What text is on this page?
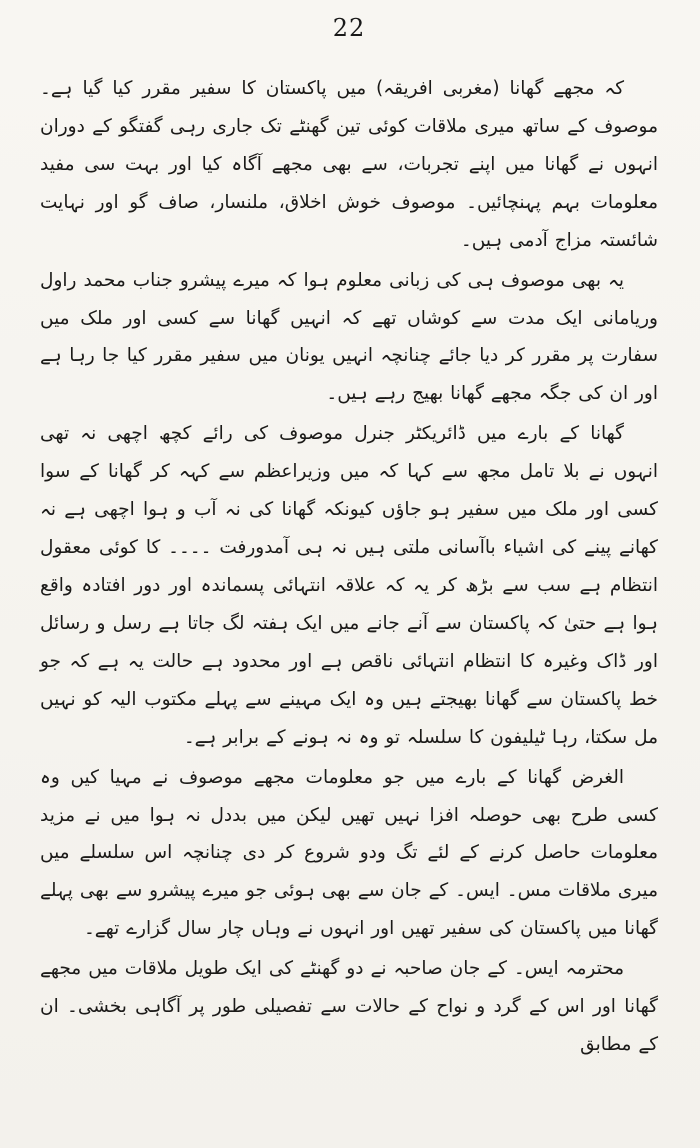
22

کہ مجھے گھانا (مغربی افریقہ) میں پاکستان کا سفیر مقرر کیا گیا ہے۔ موصوف کے ساتھ میری ملاقات کوئی تین گھنٹے تک جاری رہی گفتگو کے دوران انہوں نے گھانا میں اپنے تجربات، سے بھی مجھے آگاہ کیا اور بہت سی مفید معلومات بہم پہنچائیں۔ موصوف خوش اخلاق، ملنسار، صاف گو اور نہایت شائستہ مزاج آدمی ہیں۔

یہ بھی موصوف ہی کی زبانی معلوم ہوا کہ میرے پیشرو جناب محمد راول وریامانی ایک مدت سے کوشاں تھے کہ انہیں گھانا سے کسی اور ملک میں سفارت پر مقرر کر دیا جائے چنانچہ انہیں یونان میں سفیر مقرر کیا جا رہا ہے اور ان کی جگہ مجھے گھانا بھیج رہے ہیں۔

گھانا کے بارے میں ڈائریکٹر جنرل موصوف کی رائے کچھ اچھی نہ تھی انہوں نے بلا تامل مجھ سے کہا کہ میں وزیراعظم سے کہہ کر گھانا کے سوا کسی اور ملک میں سفیر ہو جاؤں کیونکہ گھانا کی نہ آب و ہوا اچھی ہے نہ کھانے پینے کی اشیاء باآسانی ملتی ہیں نہ ہی آمدورفت ۔۔۔۔ کا کوئی معقول انتظام ہے سب سے بڑھ کر یہ کہ علاقہ انتہائی پسماندہ اور دور افتادہ واقع ہوا ہے حتیٰ کہ پاکستان سے آنے جانے میں ایک ہفتہ لگ جاتا ہے رسل و رسائل اور ڈاک وغیرہ کا انتظام انتہائی ناقص ہے اور محدود ہے حالت یہ ہے کہ جو خط پاکستان سے گھانا بھیجتے ہیں وہ ایک مہینے سے پہلے مکتوب الیہ کو نہیں مل سکتا، رہا ٹیلیفون کا سلسلہ تو وہ نہ ہونے کے برابر ہے۔

الغرض گھانا کے بارے میں جو معلومات مجھے موصوف نے مہیا کیں وہ کسی طرح بھی حوصلہ افزا نہیں تھیں لیکن میں بددل نہ ہوا میں نے مزید معلومات حاصل کرنے کے لئے تگ ودو شروع کر دی چنانچہ اس سلسلے میں میری ملاقات مس۔ ایس۔ کے جان سے بھی ہوئی جو میرے پیشرو سے بھی پہلے گھانا میں پاکستان کی سفیر تھیں اور انہوں نے وہاں چار سال گزارے تھے۔

محترمہ ایس۔ کے جان صاحبہ نے دو گھنٹے کی ایک طویل ملاقات میں مجھے گھانا اور اس کے گرد و نواح کے حالات سے تفصیلی طور پر آگاہی بخشی۔ ان کے مطابق
